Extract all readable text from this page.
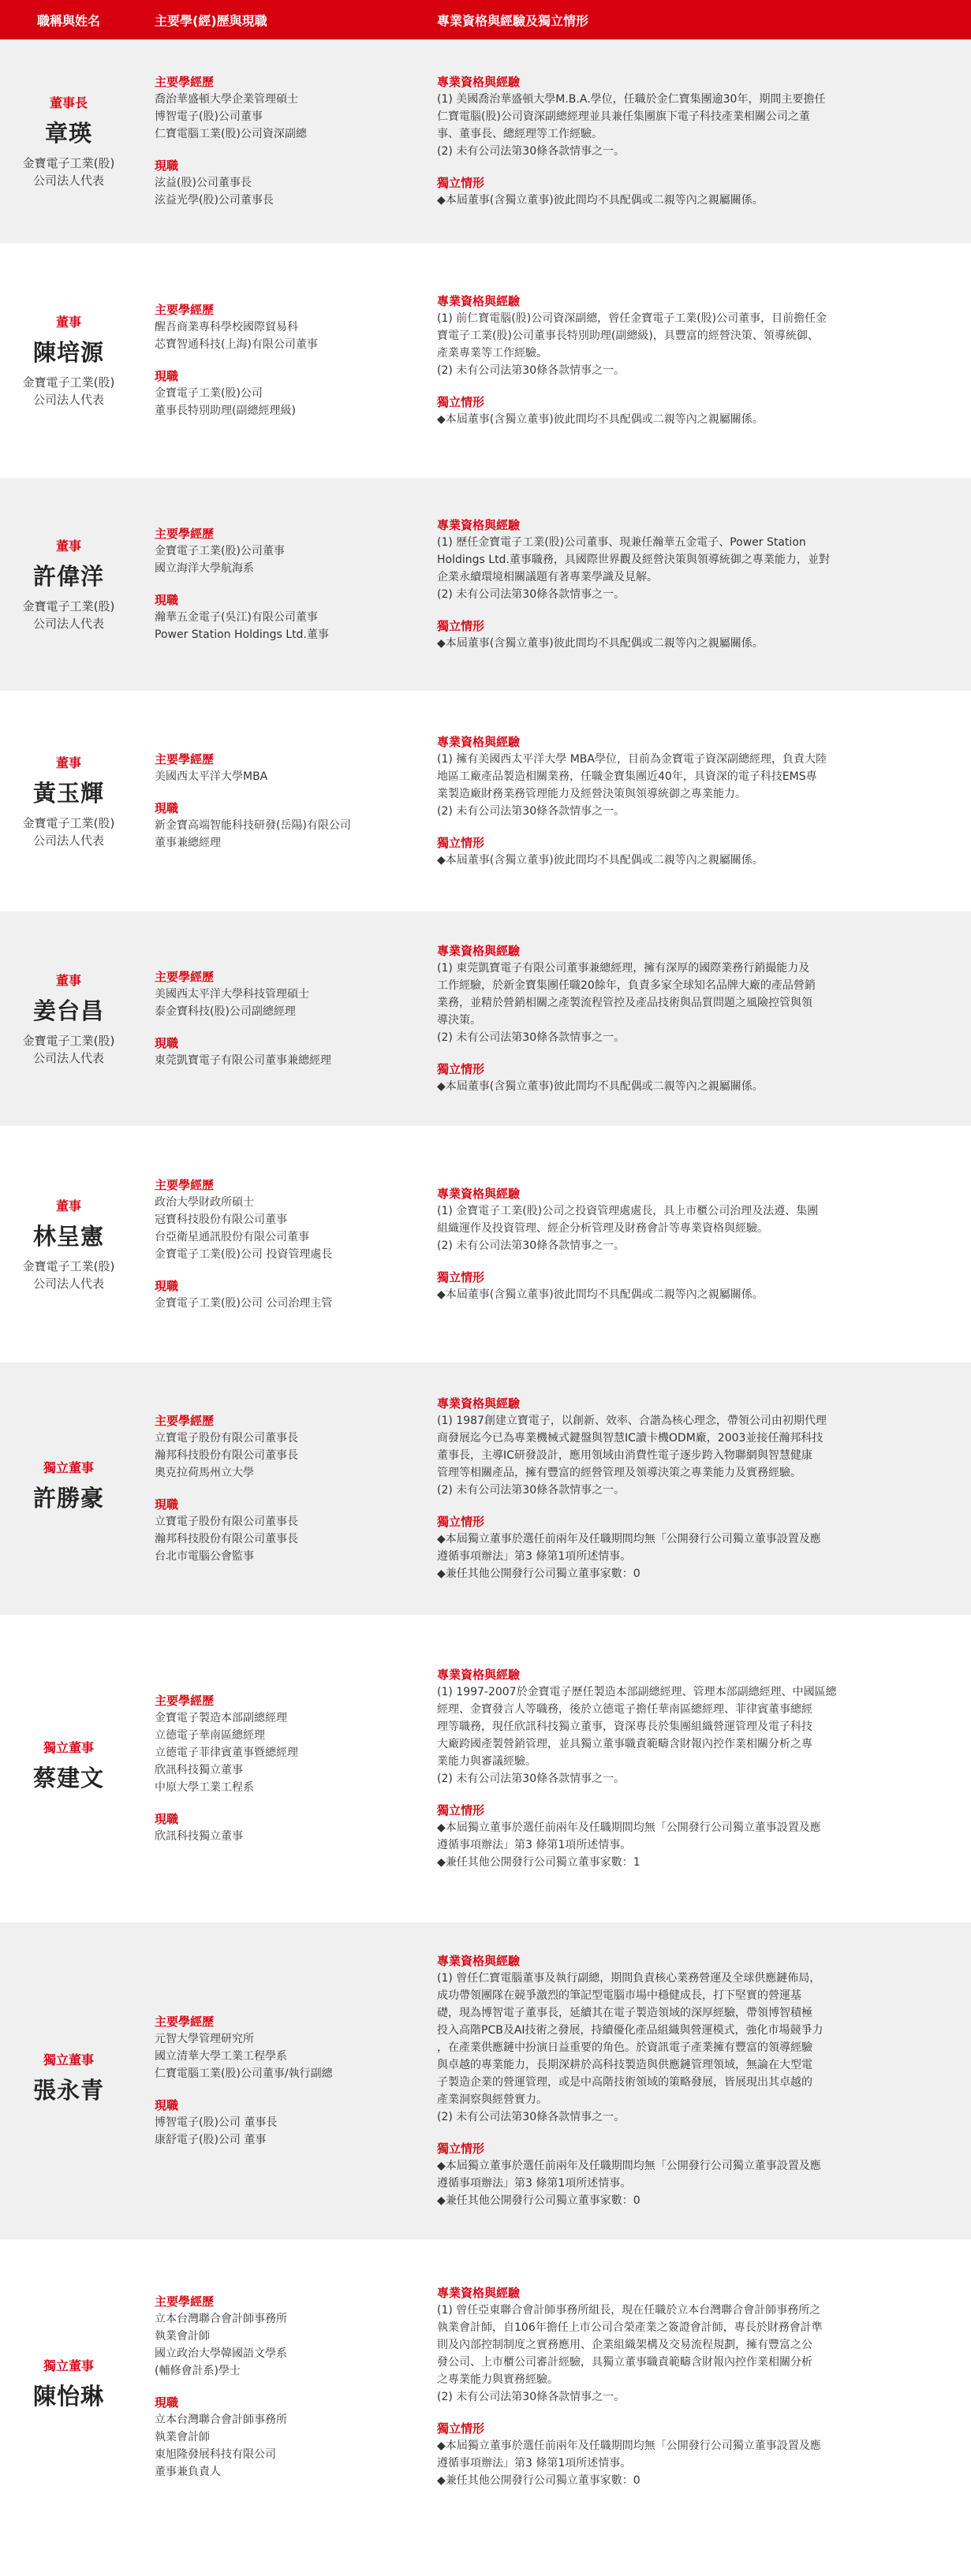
職稱與姓名	主要學(經)歷與現職	專業資格與經驗及獨立情形
董事長
章瑛
金寶電子工業(股)
公司法人代表
主要學經歷
喬治華盛頓大學企業管理碩士
博智電子(股)公司董事
仁寶電腦工業(股)公司資深副總
現職
泫益(股)公司董事長
泫益光學(股)公司董事長
專業資格與經驗
(1) 美國喬治華盛頓大學M.B.A.學位，任職於金仁寶集團逾30年，期間主要擔任
仁寶電腦(股)公司資深副總經理並具兼任集團旗下電子科技產業相關公司之董
事、董事長、總經理等工作經驗。
(2) 未有公司法第30條各款情事之一。
獨立情形
◆本屆董事(含獨立董事)彼此間均不具配偶或二親等內之親屬關係。
董事
陳培源
金寶電子工業(股)
公司法人代表
主要學經歷
醒吾商業專科學校國際貿易科
芯寶智通科技(上海)有限公司董事
現職
金寶電子工業(股)公司
董事長特別助理(副總經理級)
專業資格與經驗
(1) 前仁寶電腦(股)公司資深副總，曾任金寶電子工業(股)公司董事，目前擔任金
寶電子工業(股)公司董事長特別助理(副總級)，具豐富的經營決策、領導統御、
產業專業等工作經驗。
(2) 未有公司法第30條各款情事之一。
獨立情形
◆本屆董事(含獨立董事)彼此間均不具配偶或二親等內之親屬關係。
董事
許偉洋
金寶電子工業(股)
公司法人代表
主要學經歷
金寶電子工業(股)公司董事
國立海洋大學航海系
現職
瀚華五金電子(吳江)有限公司董事
Power Station Holdings Ltd.董事
專業資格與經驗
(1) 歷任金寶電子工業(股)公司董事、現兼任瀚華五金電子、Power Station
Holdings Ltd.董事職務，具國際世界觀及經營決策與領導統御之專業能力，並對
企業永續環境相關議題有著專業學識及見解。
(2) 未有公司法第30條各款情事之一。
獨立情形
◆本屆董事(含獨立董事)彼此間均不具配偶或二親等內之親屬關係。
董事
黃玉輝
金寶電子工業(股)
公司法人代表
主要學經歷
美國西太平洋大學MBA
現職
新金寶高端智能科技研發(岳陽)有限公司
董事兼總經理
專業資格與經驗
(1) 擁有美國西太平洋大學 MBA學位，目前為金寶電子資深副總經理，負責大陸
地區工廠產品製造相關業務，任職金寶集團近40年，具資深的電子科技EMS專
業製造廠財務業務管理能力及經營決策與領導統御之專業能力。
(2) 未有公司法第30條各款情事之一。
獨立情形
◆本屆董事(含獨立董事)彼此間均不具配偶或二親等內之親屬關係。
董事
姜台昌
金寶電子工業(股)
公司法人代表
主要學經歷
美國西太平洋大學科技管理碩士
泰金寶科技(股)公司副總經理
現職
東莞凱寶電子有限公司董事兼總經理
專業資格與經驗
(1) 東莞凱寶電子有限公司董事兼總經理，擁有深厚的國際業務行銷撮能力及
工作經驗，於新金寶集團任職20餘年，負責多家全球知名品牌大廠的產品營銷
業務，並精於營銷相關之產製流程管控及產品技術與品質問題之風險控管與領
導決策。
(2) 未有公司法第30條各款情事之一。
獨立情形
◆本屆董事(含獨立董事)彼此間均不具配偶或二親等內之親屬關係。
董事
林呈憲
金寶電子工業(股)
公司法人代表
主要學經歷
政治大學財政所碩士
冠寶科技股份有限公司董事
台亞衛星通訊股份有限公司董事
金寶電子工業(股)公司 投資管理處長
現職
金寶電子工業(股)公司 公司治理主管
專業資格與經驗
(1) 金寶電子工業(股)公司之投資管理處處長，具上市櫃公司治理及法遵、集團
組織運作及投資管理、經企分析管理及財務會計等專業資格與經驗。
(2) 未有公司法第30條各款情事之一。
獨立情形
◆本屆董事(含獨立董事)彼此間均不具配偶或二親等內之親屬關係。
獨立董事
許勝豪
主要學經歷
立寶電子股份有限公司董事長
瀚邦科技股份有限公司董事長
奧克拉荷馬州立大學
現職
立寶電子股份有限公司董事長
瀚邦科技股份有限公司董事長
台北市電腦公會監事
專業資格與經驗
(1) 1987創建立寶電子，以創新、效率、合諧為核心理念，帶領公司由初期代理
商發展迄今已為專業機械式鍵盤與智慧IC讀卡機ODM廠，2003並接任瀚邦科技
董事長，主導IC研發設計，應用領域由消費性電子逐步跨入物聯網與智慧健康
管理等相關產品，擁有豐富的經營管理及領導決策之專業能力及實務經驗。
(2) 未有公司法第30條各款情事之一。
獨立情形
◆本屆獨立董事於選任前兩年及任職期間均無「公開發行公司獨立董事設置及應
遵循事項辦法」第3 條第1項所述情事。
◆兼任其他公開發行公司獨立董事家數：0
獨立董事
蔡建文
主要學經歷
金寶電子製造本部副總經理
立德電子華南區總經理
立德電子菲律賓董事暨總經理
欣訊科技獨立董事
中原大學工業工程系
現職
欣訊科技獨立董事
專業資格與經驗
(1) 1997-2007於金寶電子歷任製造本部副總經理、管理本部副總經理、中國區總
經理、金寶發言人等職務，後於立德電子擔任華南區總經理、菲律賓董事總經
理等職務，現任欣訊科技獨立董事，資深專長於集團組織營運管理及電子科技
大廠跨國產製營銷管理，並具獨立董事職責範疇含財報內控作業相關分析之專
業能力與審議經驗。
(2) 未有公司法第30條各款情事之一。
獨立情形
◆本屆獨立董事於選任前兩年及任職期間均無「公開發行公司獨立董事設置及應
遵循事項辦法」第3 條第1項所述情事。
◆兼任其他公開發行公司獨立董事家數：1
獨立董事
張永青
主要學經歷
元智大學管理研究所
國立清華大學工業工程學系
仁寶電腦工業(股)公司董事/執行副總
現職
博智電子(股)公司 董事長
康舒電子(股)公司 董事
專業資格與經驗
(1) 曾任仁寶電腦董事及執行副總，期間負責核心業務營運及全球供應鏈佈局，
成功帶領團隊在競爭激烈的筆記型電腦市場中穩健成長，打下堅實的營運基
礎，現為博智電子董事長，延續其在電子製造領域的深厚經驗，帶領博智積極
投入高階PCB及AI技術之發展，持續優化產品組織與營運模式，強化市場競爭力
，在產業供應鏈中扮演日益重要的角色。於資訊電子產業擁有豐富的領導經驗
與卓越的專業能力，長期深耕於高科技製造與供應鏈管理領域，無論在大型電
子製造企業的營運管理，或是中高階技術領域的策略發展，皆展現出其卓越的
產業洞察與經營實力。
(2) 未有公司法第30條各款情事之一。
獨立情形
◆本屆獨立董事於選任前兩年及任職期間均無「公開發行公司獨立董事設置及應
遵循事項辦法」第3 條第1項所述情事。
◆兼任其他公開發行公司獨立董事家數：0
獨立董事
陳怡琳
主要學經歷
立本台灣聯合會計師事務所
執業會計師
國立政治大學韓國語文學系
(輔修會計系)學士
現職
立本台灣聯合會計師事務所
執業會計師
東旭隆發展科技有限公司
董事兼負責人
專業資格與經驗
(1) 曾任亞東聯合會計師事務所組長，現在任職於立本台灣聯合會計師事務所之
執業會計師，自106年擔任上市公司合榮產業之簽證會計師，專長於財務會計準
則及內部控制制度之實務應用、企業組織架構及交易流程規劃，擁有豐富之公
發公司、上市櫃公司審計經驗，具獨立董事職責範疇含財報內控作業相關分析
之專業能力與實務經驗。
(2) 未有公司法第30條各款情事之一。
獨立情形
◆本屆獨立董事於選任前兩年及任職期間均無「公開發行公司獨立董事設置及應
遵循事項辦法」第3 條第1項所述情事。
◆兼任其他公開發行公司獨立董事家數：0
